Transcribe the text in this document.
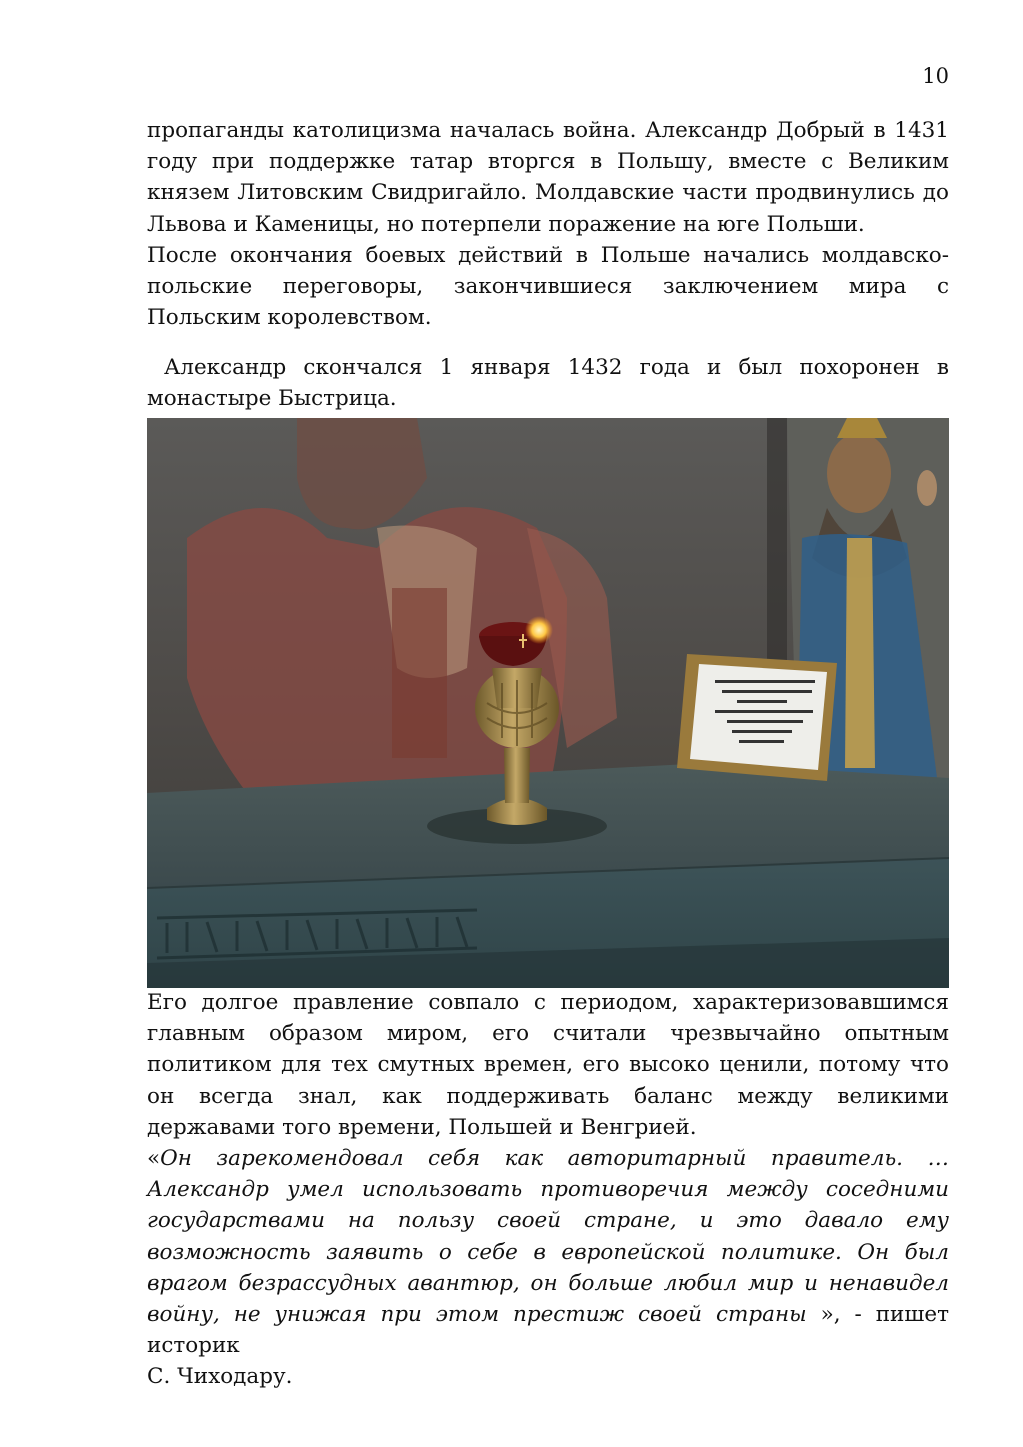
10

пропаганды католицизма началась война. Александр Добрый в 1431 году при поддержке татар вторгся в Польшу, вместе с Великим князем Литовским Свидригайло. Молдавские части продвинулись до Львова и Каменицы, но потерпели поражение на юге Польши.

После окончания боевых действий в Польше начались молдавско-польские переговоры, закончившиеся заключением мира с Польским королевством.

Александр скончался 1 января 1432 года и был похоронен в монастыре Быстрица.

Его долгое правление совпало с периодом, характеризовавшимся главным образом миром, его считали чрезвычайно опытным политиком для тех смутных времен, его высоко ценили, потому что он всегда знал, как поддерживать баланс между великими державами того времени, Польшей и Венгрией.

«Он зарекомендовал себя как авторитарный правитель. … Александр умел использовать противоречия между соседними государствами на пользу своей стране, и это давало ему возможность заявить о себе в европейской политике. Он был врагом безрассудных авантюр, он больше любил мир и ненавидел войну, не унижая при этом престиж своей страны », - пишет историк
С. Чиходару.
